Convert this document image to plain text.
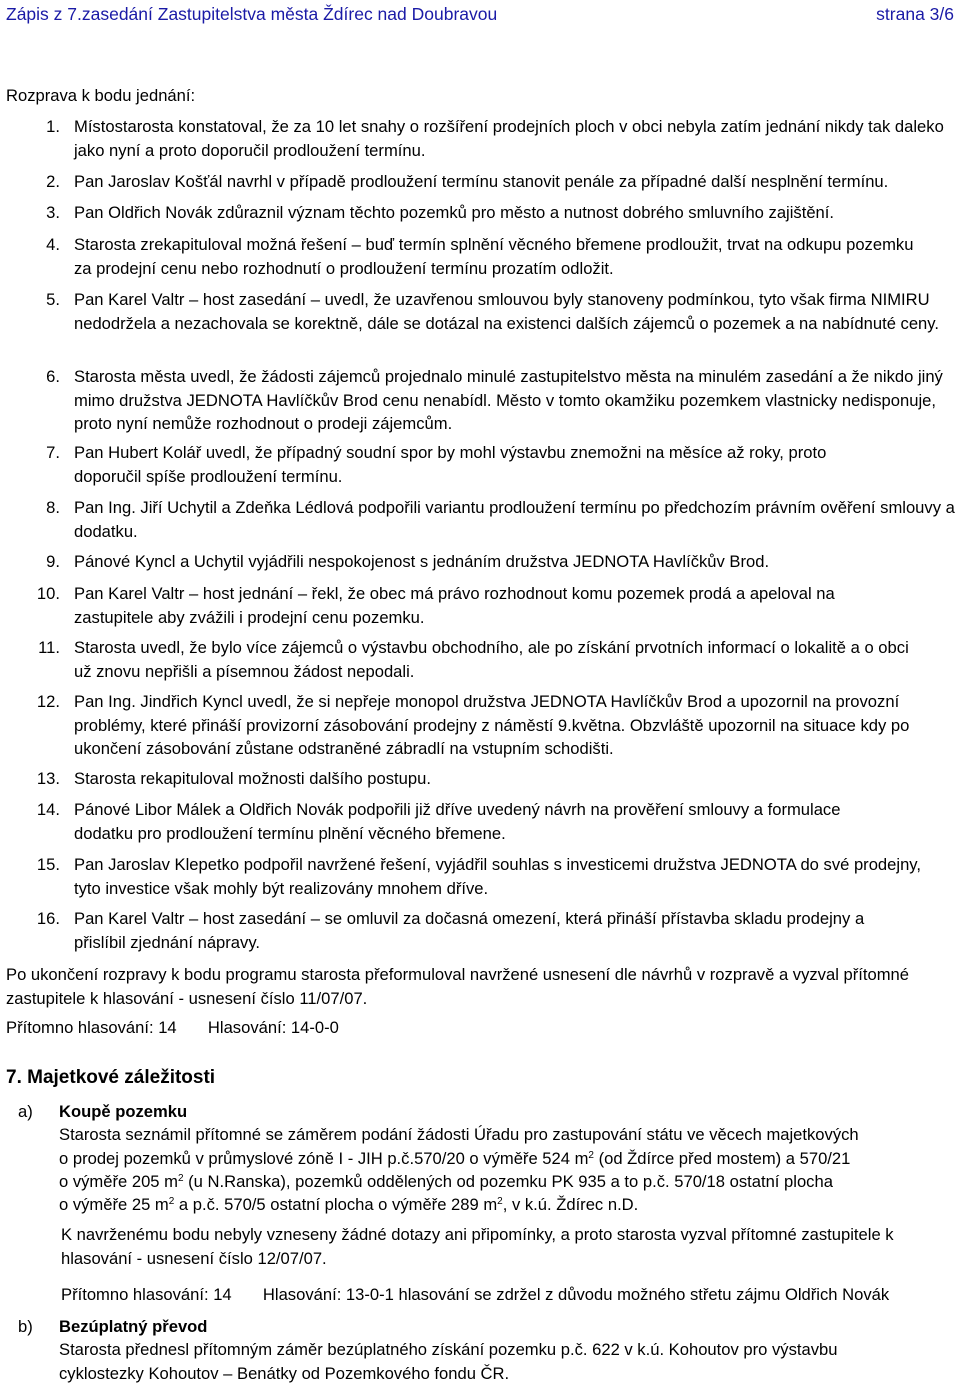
Zápis z 7.zasedání Zastupitelstva města Ždírec nad Doubravou	strana 3/6
Rozprava k bodu jednání:
1. Místostarosta konstatoval, že za 10 let snahy o rozšíření prodejních ploch v obci nebyla zatím jednání nikdy tak daleko jako nyní a proto doporučil prodloužení termínu.
2. Pan Jaroslav Košťál navrhl v případě prodloužení termínu stanovit penále za případné další nesplnění termínu.
3. Pan Oldřich Novák zdůraznil význam těchto pozemků pro město a nutnost dobrého smluvního zajištění.
4. Starosta zrekapituloval možná řešení – buď termín splnění věcného břemene prodloužit, trvat na odkupu pozemku za prodejní cenu nebo rozhodnutí o prodloužení termínu prozatím odložit.
5. Pan Karel Valtr – host zasedání – uvedl, že uzavřenou smlouvou byly stanoveny podmínkou, tyto však firma NIMIRU nedodržela a nezachovala se korektně, dále se dotázal na existenci dalších zájemců o pozemek a na nabídnuté ceny.
6. Starosta města uvedl, že žádosti zájemců projednalo minulé zastupitelstvo města na minulém zasedání a že nikdo jiný mimo družstva JEDNOTA Havlíčkův Brod cenu nenabídl. Město v tomto okamžiku pozemkem vlastnicky nedisponuje, proto nyní nemůže rozhodnout o prodeji zájemcům.
7. Pan Hubert Kolář uvedl, že případný soudní spor by mohl výstavbu znemožni na měsíce až roky, proto doporučil spíše prodloužení termínu.
8. Pan Ing. Jiří Uchytil a Zdeňka Lédlová podpořili variantu prodloužení termínu po předchozím právním ověření smlouvy a dodatku.
9. Pánové Kyncl a Uchytil vyjádřili nespokojenost s jednáním družstva JEDNOTA Havlíčkův Brod.
10. Pan Karel Valtr – host jednání – řekl, že obec má právo rozhodnout komu pozemek prodá a apeloval na zastupitele aby zvážili i prodejní cenu pozemku.
11. Starosta uvedl, že bylo více zájemců o výstavbu obchodního, ale po získání prvotních informací o lokalitě a o obci už znovu nepřišli a písemnou žádost nepodali.
12. Pan Ing. Jindřich Kyncl uvedl, že si nepřeje monopol družstva JEDNOTA Havlíčkův Brod a upozornil na provozní problémy, které přináší provizorní zásobování prodejny z náměstí 9.května. Obzvláště upozornil na situace kdy po ukončení zásobování zůstane odstraněné zábradlí na vstupním schodišti.
13. Starosta rekapituloval možnosti dalšího postupu.
14. Pánové Libor Málek a Oldřich Novák podpořili již dříve uvedený návrh na prověření smlouvy a formulace dodatku pro prodloužení termínu plnění věcného břemene.
15. Pan Jaroslav Klepetko podpořil navržené řešení, vyjádřil souhlas s investicemi družstva JEDNOTA do své prodejny, tyto investice však mohly být realizovány mnohem dříve.
16. Pan Karel Valtr – host zasedání – se omluvil za dočasná omezení, která přináší přístavba skladu prodejny a přislíbil zjednání nápravy.
Po ukončení rozpravy k bodu programu starosta přeformuloval navržené usnesení dle návrhů v rozpravě a vyzval přítomné zastupitele k hlasování - usnesení číslo 11/07/07.
Přítomno hlasování: 14 Hlasování: 14-0-0
7. Majetkové záležitosti
a) Koupě pozemku
Starosta seznámil přítomné se záměrem podání žádosti Úřadu pro zastupování státu ve věcech majetkových
o prodej pozemků v průmyslové zóně I - JIH p.č.570/20 o výměře 524 $m^2$ (od Ždírce před mostem) a 570/21
o výměře 205 $m^2$ (u N.Ranska), pozemků oddělených od pozemku PK 935 a to p.č. 570/18 ostatní plocha
o výměře 25 $m^2$ a p.č. 570/5 ostatní plocha o výměře 289 $m^2$, v k.ú. Ždírec n.D.
K navrženému bodu nebyly vzneseny žádné dotazy ani připomínky, a proto starosta vyzval přítomné zastupitele k hlasování - usnesení číslo 12/07/07.
Přítomno hlasování: 14 Hlasování: 13-0-1 hlasování se zdržel z důvodu možného střetu zájmu Oldřich Novák
b) Bezúplatný převod
Starosta přednesl přítomným záměr bezúplatného získání pozemku p.č. 622 v k.ú. Kohoutov pro výstavbu cyklostezky Kohoutov – Benátky od Pozemkového fondu ČR.
